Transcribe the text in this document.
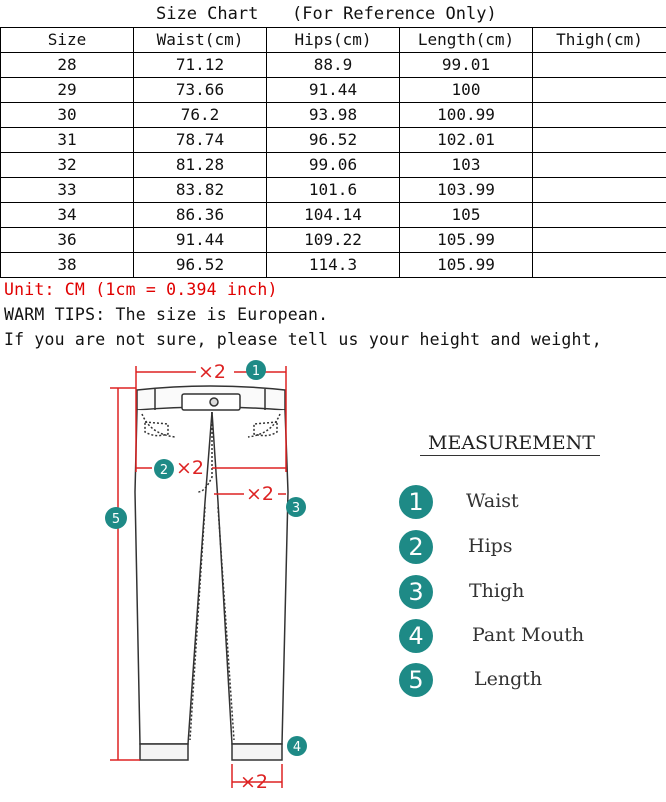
Size Chart (For Reference Only)
Size	Waist(cm)	Hips(cm)	Length(cm)	Thigh(cm)
28	71.12	88.9	99.01	
29	73.66	91.44	100	
30	76.2	93.98	100.99	
31	78.74	96.52	102.01	
32	81.28	99.06	103	
33	83.82	101.6	103.99	
34	86.36	104.14	105	
36	91.44	109.22	105.99	
38	96.52	114.3	105.99	
Unit: CM (1cm = 0.394 inch)
WARM TIPS: The size is European.
If you are not sure, please tell us your height and weight,
×2
×2
×2
×2
1
2
3
4
5
MEASUREMENT
1	Waist
2	Hips
3	Thigh
4	Pant Mouth
5	Length
